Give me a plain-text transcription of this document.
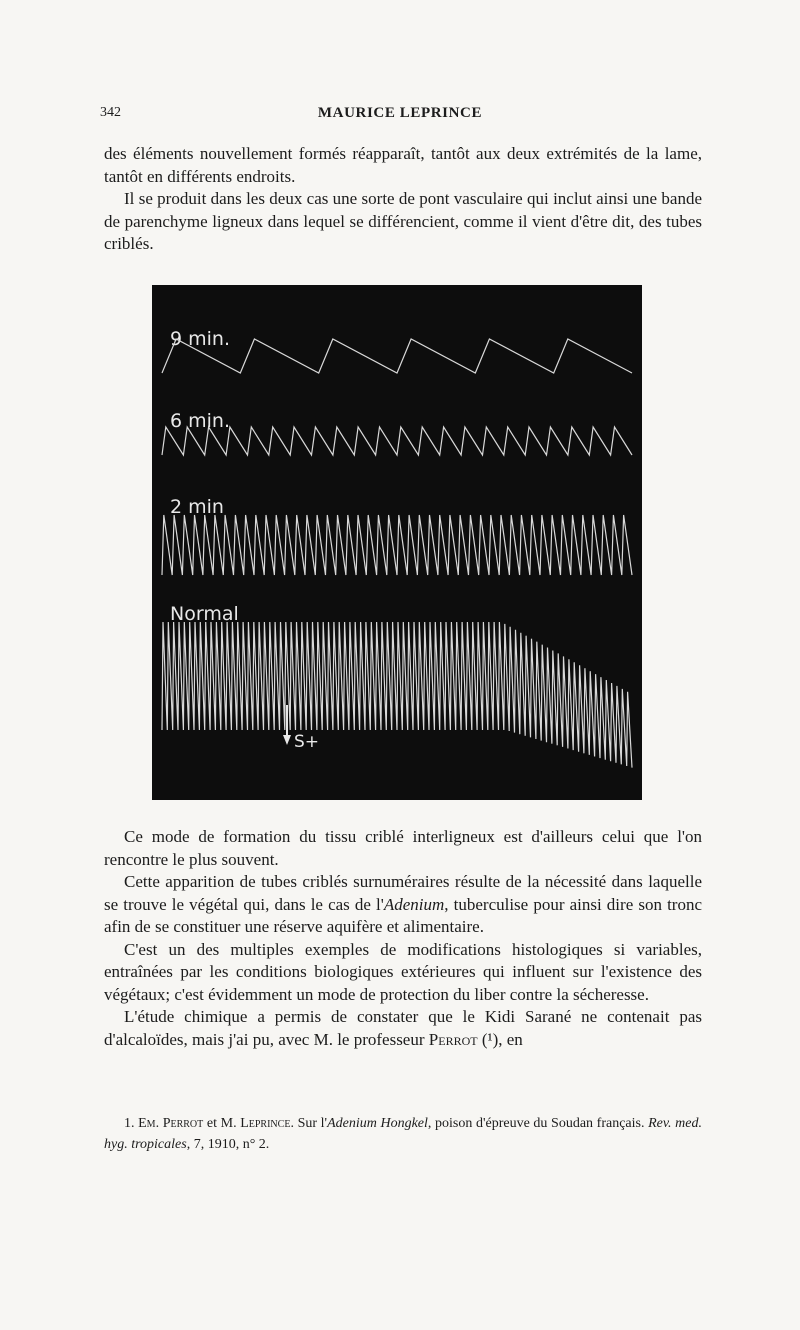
342	MAURICE LEPRINCE

des éléments nouvellement formés réapparaît, tantôt aux deux extrémités de la lame, tantôt en différents endroits.

Il se produit dans les deux cas une sorte de pont vasculaire qui inclut ainsi une bande de parenchyme ligneux dans lequel se différencient, comme il vient d'être dit, des tubes criblés.

9 min.
6 min.
2 min
Normal
S+

Ce mode de formation du tissu criblé interligneux est d'ailleurs celui que l'on rencontre le plus souvent.

Cette apparition de tubes criblés surnuméraires résulte de la nécessité dans laquelle se trouve le végétal qui, dans le cas de l'Adenium, tuberculise pour ainsi dire son tronc afin de se constituer une réserve aquifère et alimentaire.

C'est un des multiples exemples de modifications histologiques si variables, entraînées par les conditions biologiques extérieures qui influent sur l'existence des végétaux; c'est évidemment un mode de protection du liber contre la sécheresse.

L'étude chimique a permis de constater que le Kidi Sarané ne contenait pas d'alcaloïdes, mais j'ai pu, avec M. le professeur Perrot (¹), en

1. Em. Perrot et M. Leprince. Sur l'Adenium Hongkel, poison d'épreuve du Soudan français. Rev. med. hyg. tropicales, 7, 1910, n° 2.
